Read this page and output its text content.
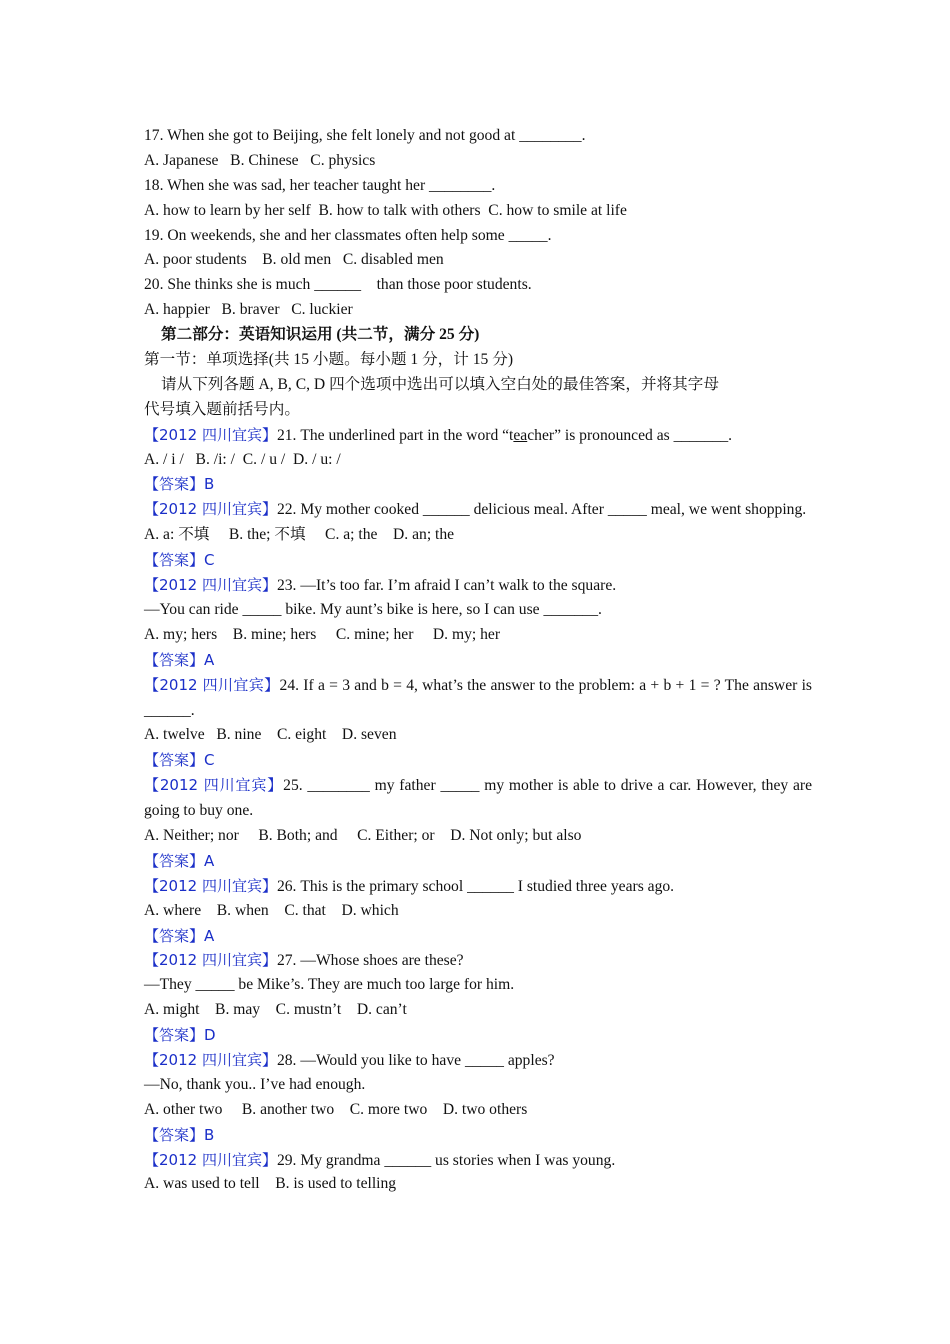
17. When she got to Beijing, she felt lonely and not good at ________.
A. Japanese   B. Chinese   C. physics
18. When she was sad, her teacher taught her ________.
A. how to learn by her self  B. how to talk with others  C. how to smile at life
19. On weekends, she and her classmates often help some _____.
A. poor students    B. old men   C. disabled men
20. She thinks she is much ______    than those poor students.
A. happier   B. braver   C. luckier
第二部分：英语知识运用 (共二节，满分 25 分)
第一节：单项选择(共 15 小题。每小题 1 分，计 15 分)
请从下列各题 A, B, C, D 四个选项中选出可以填入空白处的最佳答案，并将其字母
代号填入题前括号内。
【2012 四川宜宾】21. The underlined part in the word “teacher” is pronounced as _______.
A. / i /   B. /i: /  C. / u /  D. / u: /
【答案】B
【2012 四川宜宾】22. My mother cooked ______ delicious meal. After _____ meal, we went shopping.
A. a: 不填     B. the; 不填     C. a; the    D. an; the
【答案】C
【2012 四川宜宾】23. —It’s too far. I’m afraid I can’t walk to the square.
—You can ride _____ bike. My aunt’s bike is here, so I can use _______.
A. my; hers    B. mine; hers     C. mine; her     D. my; her
【答案】A
【2012 四川宜宾】24. If a = 3 and b = 4, what’s the answer to the problem: a + b + 1 = ? The answer is ______.
A. twelve   B. nine    C. eight    D. seven
【答案】C
【2012 四川宜宾】25. ________ my father _____ my mother is able to drive a car. However, they are going to buy one.
A. Neither; nor     B. Both; and     C. Either; or    D. Not only; but also
【答案】A
【2012 四川宜宾】26. This is the primary school ______ I studied three years ago.
A. where    B. when    C. that    D. which
【答案】A
【2012 四川宜宾】27. —Whose shoes are these?
—They _____ be Mike’s. They are much too large for him.
A. might    B. may    C. mustn’t    D. can’t
【答案】D
【2012 四川宜宾】28. —Would you like to have _____ apples?
—No, thank you.. I’ve had enough.
A. other two     B. another two    C. more two    D. two others
【答案】B
【2012 四川宜宾】29. My grandma ______ us stories when I was young.
A. was used to tell    B. is used to telling
